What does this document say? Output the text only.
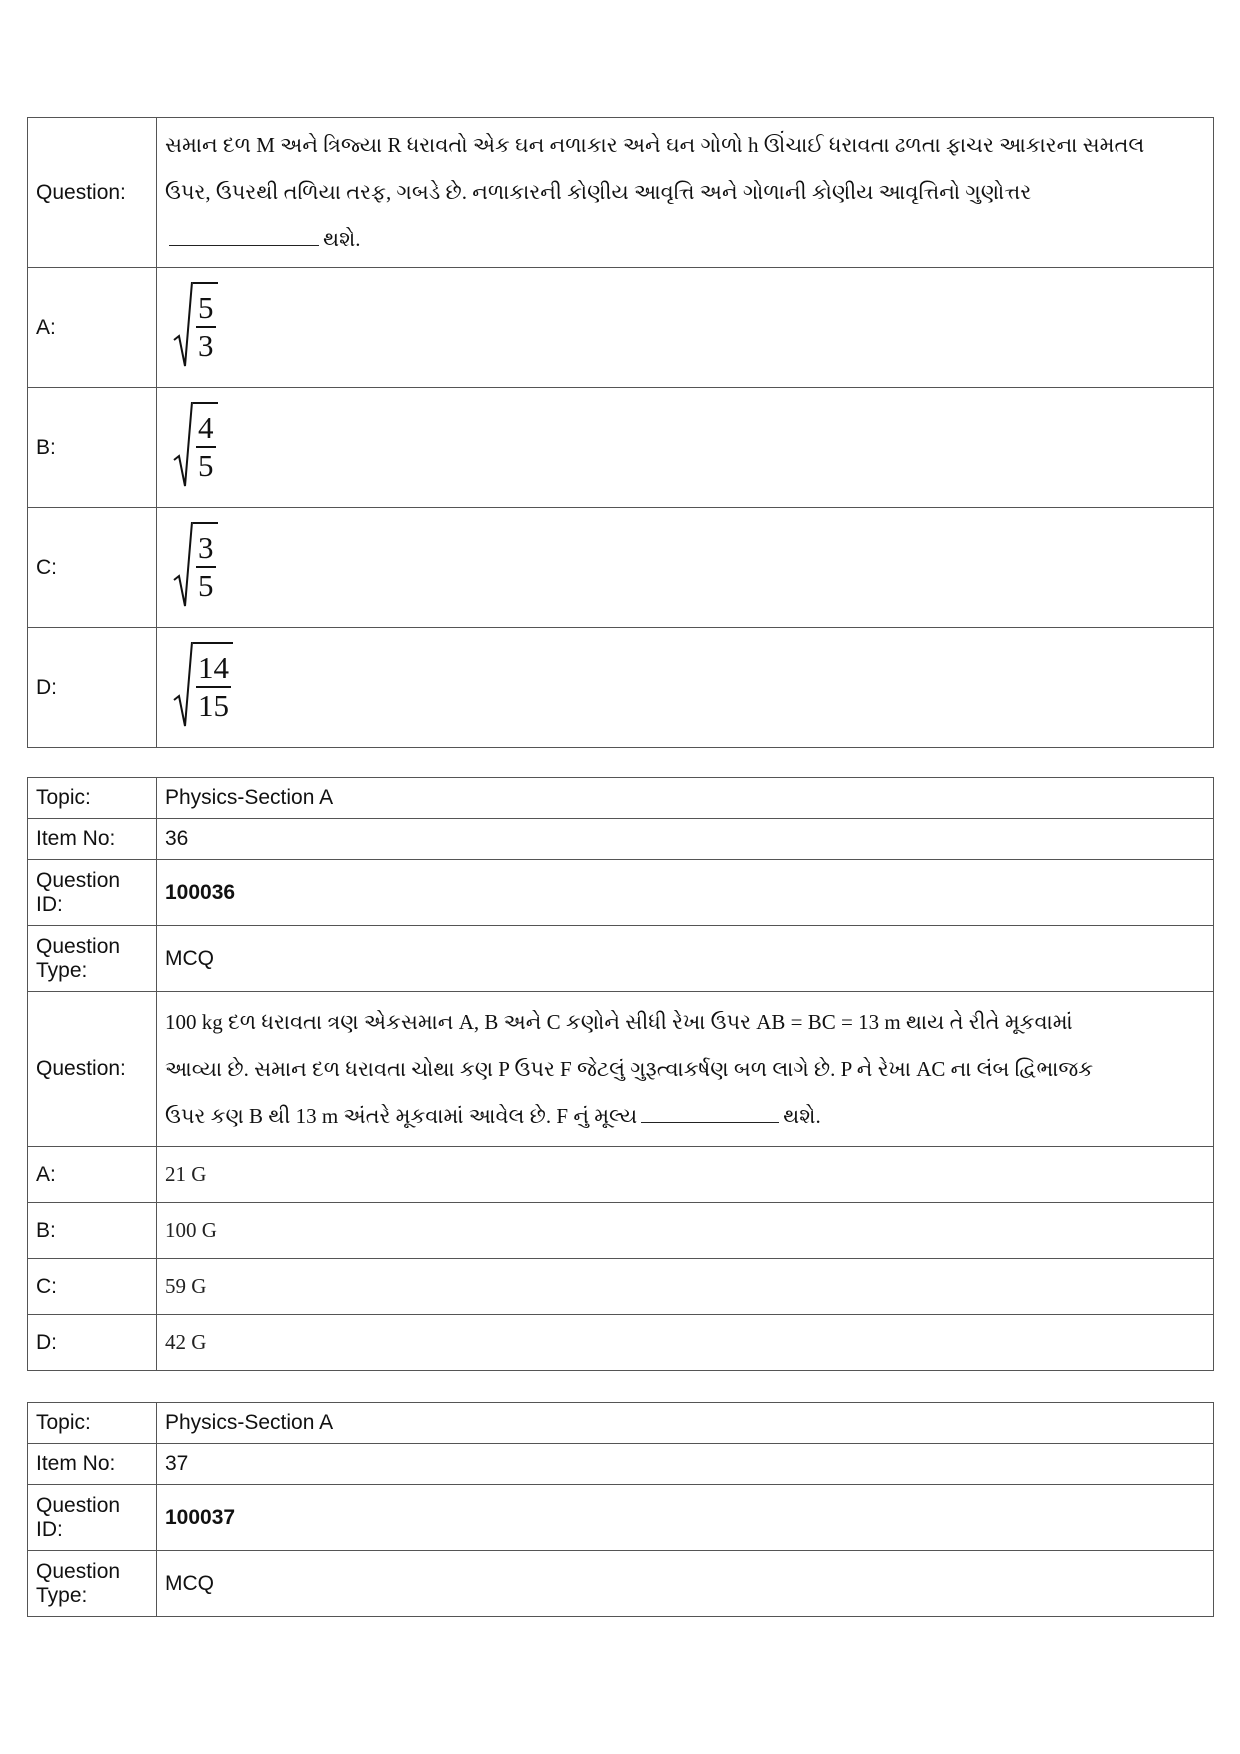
Question:	સમાન દળ M અને ત્રિજ્યા R ધરાવતો એક ઘન નળાકાર અને ઘન ગોળો h ઊંચાઈ ધરાવતા ઢળતા ફાચર આકારના સમતલ
ઉપર, ઉપરથી તળિયા તરફ, ગબડે છે. નળાકારની કોણીય આવૃત્તિ અને ગોળાની કોણીય આવૃત્તિનો ગુણોત્તર
થશે.

A:	$\frac{5}{3}$

B:	$\frac{4}{5}$

C:	$\frac{3}{5}$

D:	$\frac{14}{15}$
Topic:	Physics-Section A
Item No:	36
Question ID:	100036
Question Type:	MCQ
Question:	100 kg દળ ધરાવતા ત્રણ એકસમાન A, B અને C કણોને સીધી રેખા ઉપર AB = BC = 13 m થાય તે રીતે મૂકવામાં
આવ્યા છે. સમાન દળ ધરાવતા ચોથા કણ P ઉપર F જેટલું ગુરૂત્વાકર્ષણ બળ લાગે છે. P ને રેખા AC ના લંબ દ્વિભાજક
ઉપર કણ B થી 13 m અંતરે મૂકવામાં આવેલ છે. F નું મૂલ્ય થશે.

A:	21 G
B:	100 G
C:	59 G
D:	42 G
Topic:	Physics-Section A
Item No:	37
Question ID:	100037
Question Type:	MCQ
